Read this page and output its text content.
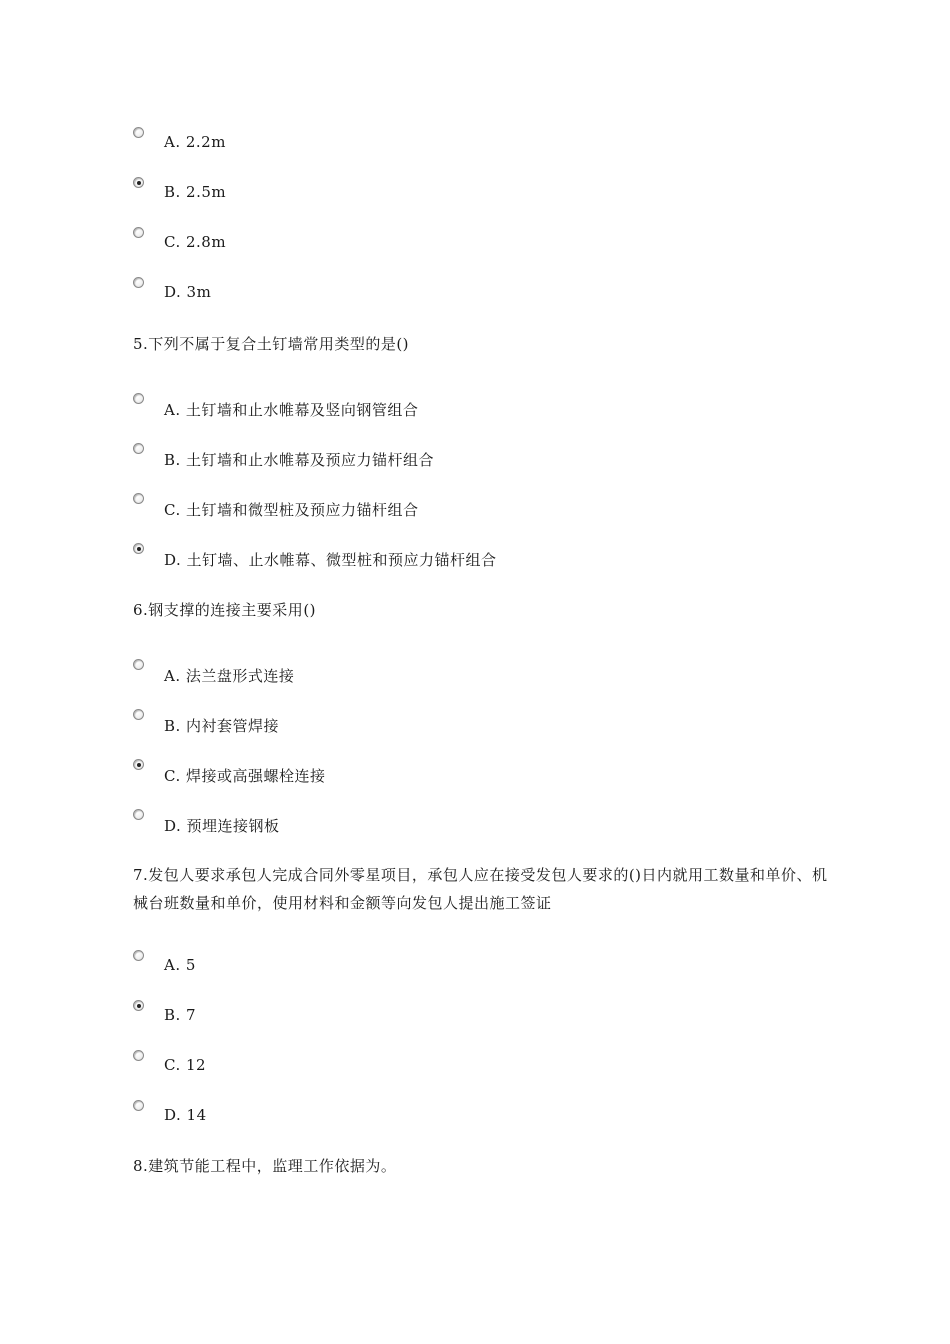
A. 2.2m
B. 2.5m
C. 2.8m
D. 3m
5.下列不属于复合土钉墙常用类型的是()
A. 土钉墙和止水帷幕及竖向钢管组合
B. 土钉墙和止水帷幕及预应力锚杆组合
C. 土钉墙和微型桩及预应力锚杆组合
D. 土钉墙、止水帷幕、微型桩和预应力锚杆组合
6.钢支撑的连接主要采用()
A. 法兰盘形式连接
B. 内衬套管焊接
C. 焊接或高强螺栓连接
D. 预埋连接钢板
7.发包人要求承包人完成合同外零星项目，承包人应在接受发包人要求的()日内就用工数量和单价、机械台班数量和单价，使用材料和金额等向发包人提出施工签证
A. 5
B. 7
C. 12
D. 14
8.建筑节能工程中，监理工作依据为。
